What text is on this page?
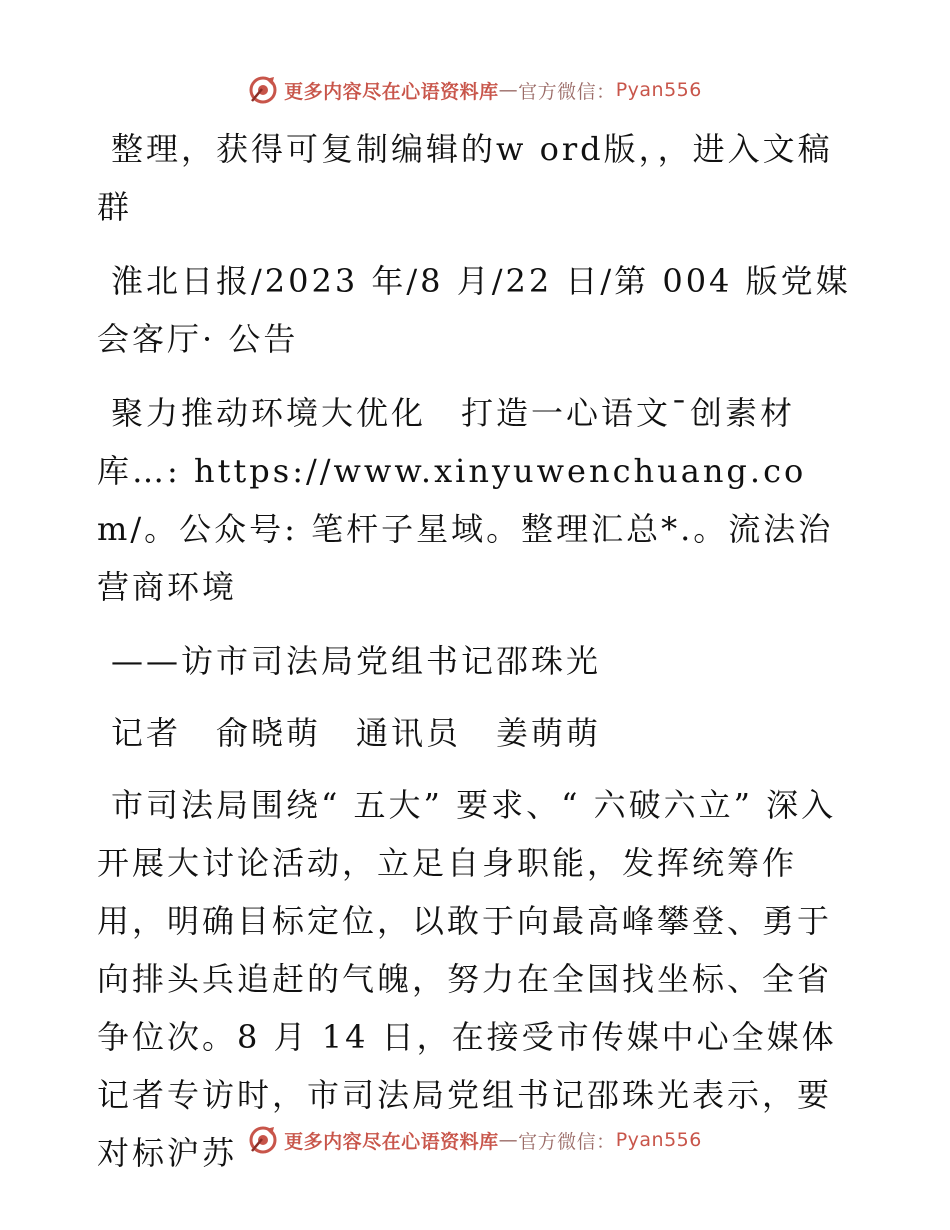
更多内容尽在心语资料库 — 官方微信： Pyan556

整理，获得可复制编辑的w ord版，，进入文稿群

淮北日报/2023 年/8 月/22 日/第 004 版党媒会客厅· 公告

聚力推动环境大优化　打造一心语文¯创素材库…: https://www.xinyuwenchuang.com/。公众号: 笔杆子星域。整理汇总*.。流法治营商环境

——访市司法局党组书记邵珠光

记者　俞晓萌　通讯员　姜萌萌

市司法局围绕“ 五大” 要求、“ 六破六立” 深入开展大讨论活动，立足自身职能，发挥统筹作用，明确目标定位，以敢于向最高峰攀登、勇于向排头兵追赶的气魄，努力在全国找坐标、全省争位次。8 月 14 日，在接受市传媒中心全媒体记者专访时，市司法局党组书记邵珠光表示，要对标沪苏	更多内容尽在心语资料库 — 官方微信： Pyan556
